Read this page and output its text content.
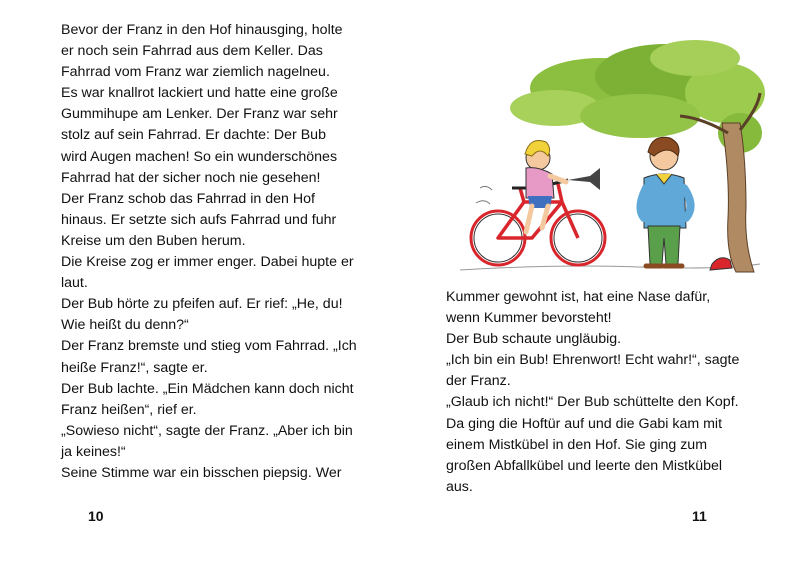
Bevor der Franz in den Hof hinausging, holte
er noch sein Fahrrad aus dem Keller. Das
Fahrrad vom Franz war ziemlich nagelneu.
Es war knallrot lackiert und hatte eine große
Gummihupe am Lenker. Der Franz war sehr
stolz auf sein Fahrrad. Er dachte: Der Bub
wird Augen machen! So ein wunderschönes
Fahrrad hat der sicher noch nie gesehen!
Der Franz schob das Fahrrad in den Hof
hinaus. Er setzte sich aufs Fahrrad und fuhr
Kreise um den Buben herum.
Die Kreise zog er immer enger. Dabei hupte er
laut.
Der Bub hörte zu pfeifen auf. Er rief: „He, du!
Wie heißt du denn?“
Der Franz bremste und stieg vom Fahrrad. „Ich
heiße Franz!“, sagte er.
Der Bub lachte. „Ein Mädchen kann doch nicht
Franz heißen“, rief er.
„Sowieso nicht“, sagte der Franz. „Aber ich bin
ja keines!“
Seine Stimme war ein bisschen piepsig. Wer
10
Kummer gewohnt ist, hat eine Nase dafür,
wenn Kummer bevorsteht!
Der Bub schaute ungläubig.
„Ich bin ein Bub! Ehrenwort! Echt wahr!“, sagte
der Franz.
„Glaub ich nicht!“ Der Bub schüttelte den Kopf.
Da ging die Hoftür auf und die Gabi kam mit
einem Mistkübel in den Hof. Sie ging zum
großen Abfallkübel und leerte den Mistkübel
aus.
11
